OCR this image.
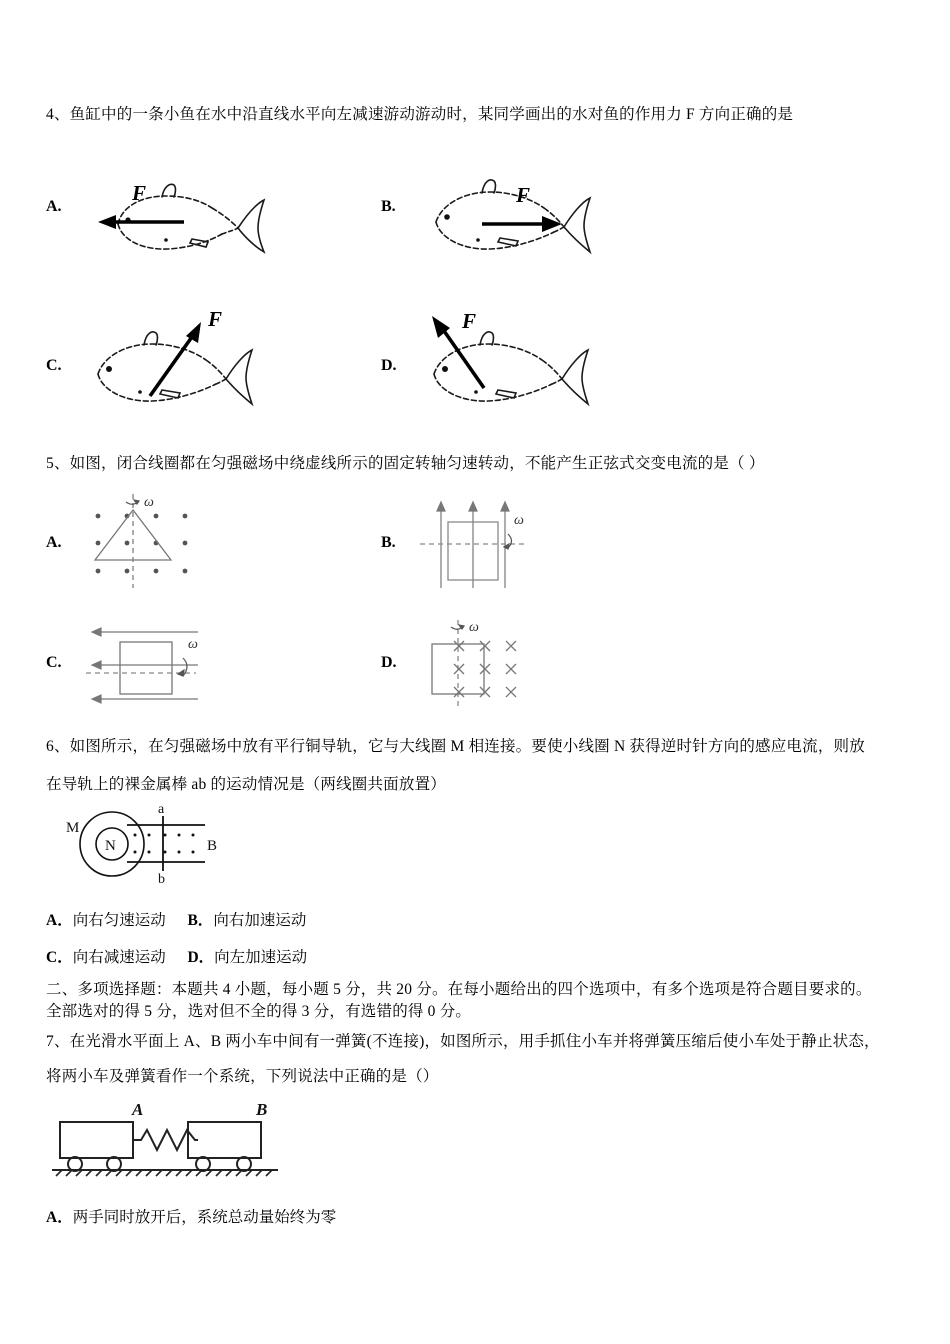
4、鱼缸中的一条小鱼在水中沿直线水平向左减速游动游动时，某同学画出的水对鱼的作用力 F 方向正确的是
A.
F
B.	F
C.
F
D.
F
5、如图，闭合线圈都在匀强磁场中绕虚线所示的固定转轴匀速转动，不能产生正弦式交变电流的是（ ）
A.
ω
B.
ω
C.
ω
D.
ω
6、如图所示，在匀强磁场中放有平行铜导轨，它与大线圈 M 相连接。要使小线圈 N 获得逆时针方向的感应电流，则放
在导轨上的裸金属棒 ab 的运动情况是（两线圈共面放置）
M
N
a
b
B
A．向右匀速运动 B．向右加速运动
C．向右减速运动 D．向左加速运动
二、多项选择题：本题共 4 小题，每小题 5 分，共 20 分。在每小题给出的四个选项中，有多个选项是符合题目要求的。
全部选对的得 5 分，选对但不全的得 3 分，有选错的得 0 分。
7、在光滑水平面上 A、B 两小车中间有一弹簧(不连接)，如图所示，用手抓住小车并将弹簧压缩后使小车处于静止状态，
将两小车及弹簧看作一个系统，下列说法中正确的是（）
A	B
A．两手同时放开后，系统总动量始终为零
